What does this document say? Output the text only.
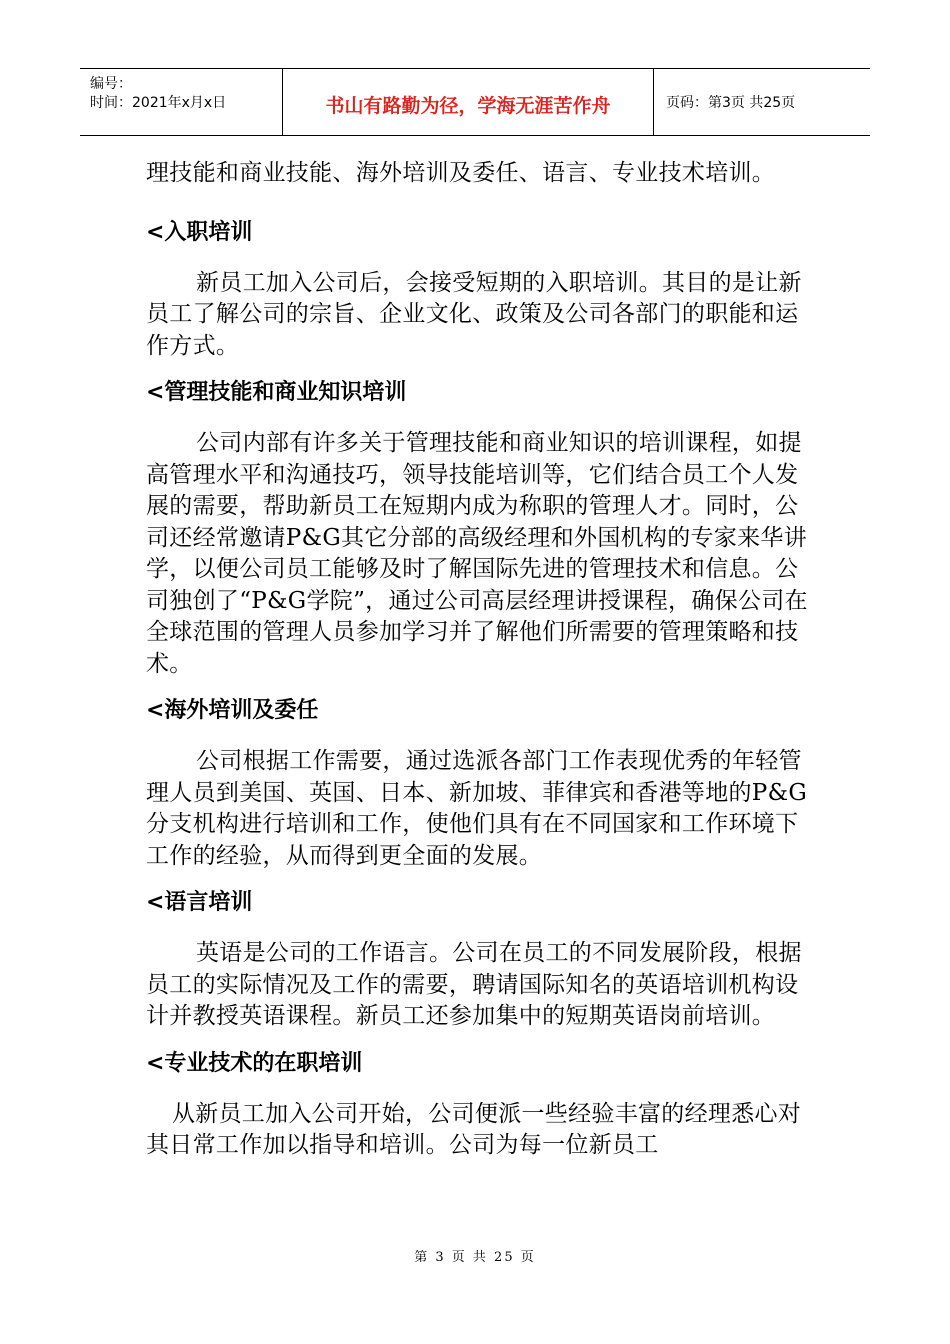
编号：
时间：2021年x月x日	书山有路勤为径，学海无涯苦作舟	页码：第3页 共25页

理技能和商业技能、海外培训及委任、语言、专业技术培训。

<入职培训

新员工加入公司后，会接受短期的入职培训。其目的是让新员工了解公司的宗旨、企业文化、政策及公司各部门的职能和运作方式。

<管理技能和商业知识培训

公司内部有许多关于管理技能和商业知识的培训课程，如提高管理水平和沟通技巧，领导技能培训等，它们结合员工个人发展的需要，帮助新员工在短期内成为称职的管理人才。同时，公司还经常邀请P&G其它分部的高级经理和外国机构的专家来华讲学，以便公司员工能够及时了解国际先进的管理技术和信息。公司独创了“P&G学院”，通过公司高层经理讲授课程，确保公司在全球范围的管理人员参加学习并了解他们所需要的管理策略和技术。

<海外培训及委任

公司根据工作需要，通过选派各部门工作表现优秀的年轻管理人员到美国、英国、日本、新加坡、菲律宾和香港等地的P&G分支机构进行培训和工作，使他们具有在不同国家和工作环境下工作的经验，从而得到更全面的发展。

<语言培训

英语是公司的工作语言。公司在员工的不同发展阶段，根据员工的实际情况及工作的需要，聘请国际知名的英语培训机构设计并教授英语课程。新员工还参加集中的短期英语岗前培训。

<专业技术的在职培训

从新员工加入公司开始，公司便派一些经验丰富的经理悉心对其日常工作加以指导和培训。公司为每一位新员工

第 3 页 共 25 页
